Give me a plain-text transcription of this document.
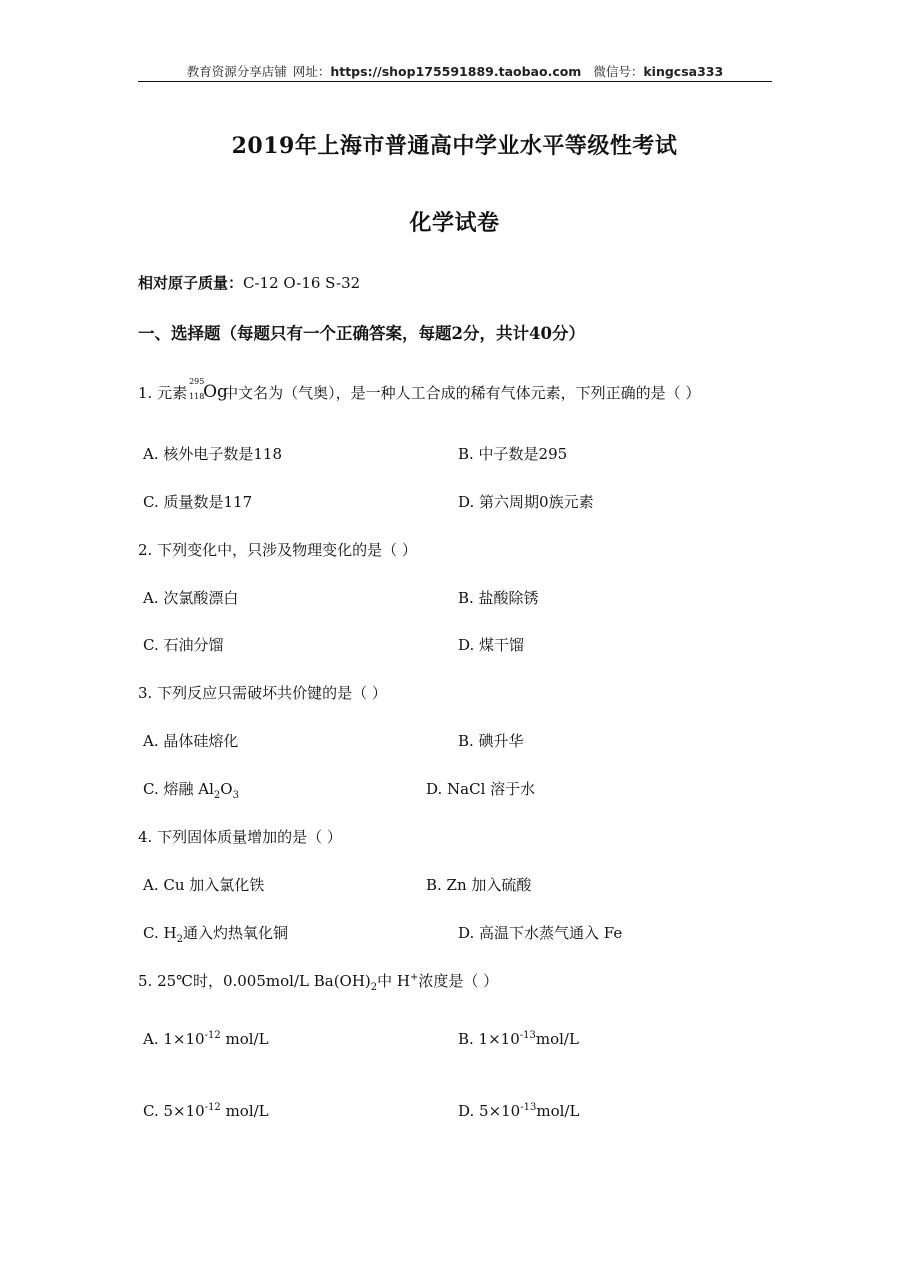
教育资源分享店铺 网址：https://shop175591889.taobao.com 微信号：kingcsa333
2019年上海市普通高中学业水平等级性考试
化学试卷
相对原子质量：C-12 O-16 S-32
一、选择题（每题只有一个正确答案，每题2分，共计40分）
1. 元素
295
118
Og
中文名为（气奥），是一种人工合成的稀有气体元素，下列正确的是（ ）
A. 核外电子数是118	B. 中子数是295
C. 质量数是117	D. 第六周期0族元素
2. 下列变化中，只涉及物理变化的是（ ）
A. 次氯酸漂白	B. 盐酸除锈
C. 石油分馏	D. 煤干馏
3. 下列反应只需破坏共价键的是（ ）
A. 晶体硅熔化	B. 碘升华
C. 熔融 $Al_2O_3$	D. NaCl 溶于水
4. 下列固体质量增加的是（ ）
A. Cu 加入氯化铁	B. Zn 加入硫酸
C. $H_2$通入灼热氧化铜	D. 高温下水蒸气通入 Fe
5. 25℃时，0.005mol/L $Ba(OH)_2$中 H+浓度是（ ）
A. $1\times 10^{-12}$ mol/L	B. $1\times 10^{-13}mol/L$
C. $5\times 10^{-12}$ mol/L	D. $5\times 10^{-13}mol/L$
